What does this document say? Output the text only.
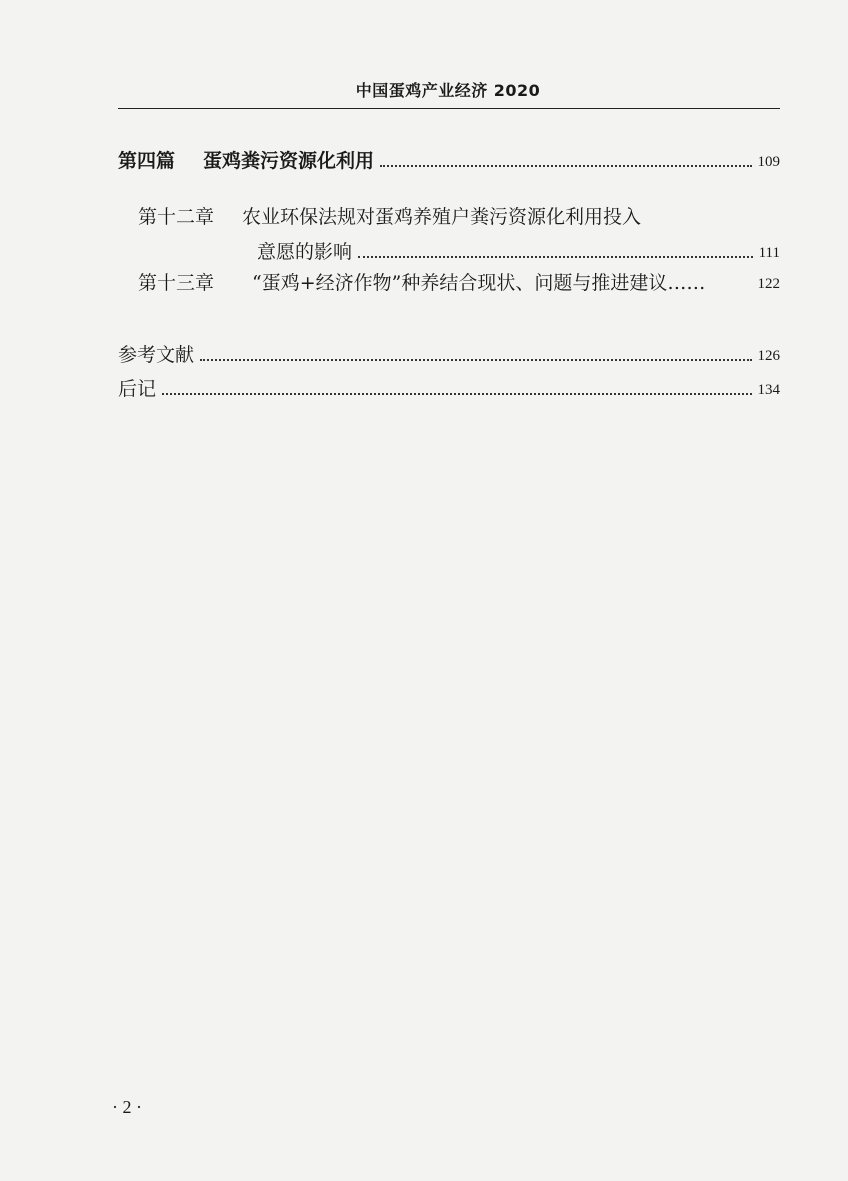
中国蛋鸡产业经济 2020
第四篇 蛋鸡粪污资源化利用	109
第十二章 农业环保法规对蛋鸡养殖户粪污资源化利用投入
意愿的影响	111
第十三章 “蛋鸡+经济作物”种养结合现状、问题与推进建议……	122
参考文献	126
后记	134
· 2 ·
